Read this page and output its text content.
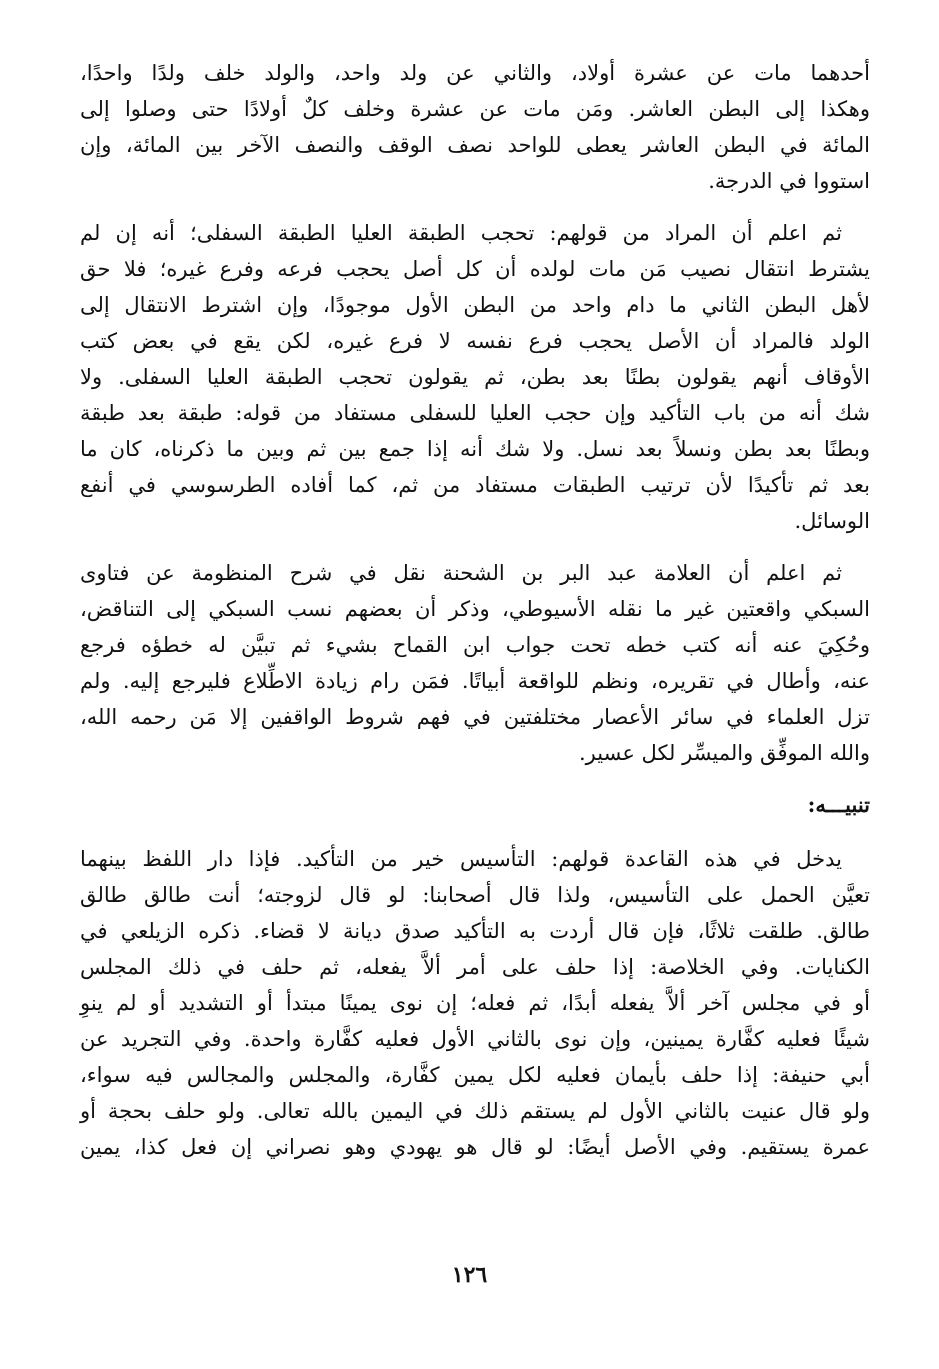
أحدهما مات عن عشرة أولاد، والثاني عن ولد واحد، والولد خلف ولدًا واحدًا،
وهكذا إلى البطن العاشر. ومَن مات عن عشرة وخلف كلٌ أولادًا حتى وصلوا إلى
المائة في البطن العاشر يعطى للواحد نصف الوقف والنصف الآخر بين المائة، وإن
استووا في الدرجة.
ثم اعلم أن المراد من قولهم: تحجب الطبقة العليا الطبقة السفلى؛ أنه إن لم
يشترط انتقال نصيب مَن مات لولده أن كل أصل يحجب فرعه وفرع غيره؛ فلا حق
لأهل البطن الثاني ما دام واحد من البطن الأول موجودًا، وإن اشترط الانتقال إلى
الولد فالمراد أن الأصل يحجب فرع نفسه لا فرع غيره، لكن يقع في بعض كتب
الأوقاف أنهم يقولون بطنًا بعد بطن، ثم يقولون تحجب الطبقة العليا السفلى. ولا
شك أنه من باب التأكيد وإن حجب العليا للسفلى مستفاد من قوله: طبقة بعد طبقة
وبطنًا بعد بطن ونسلاً بعد نسل. ولا شك أنه إذا جمع بين ثم وبين ما ذكرناه، كان ما
بعد ثم تأكيدًا لأن ترتيب الطبقات مستفاد من ثم، كما أفاده الطرسوسي في أنفع
الوسائل.
ثم اعلم أن العلامة عبد البر بن الشحنة نقل في شرح المنظومة عن فتاوى
السبكي واقعتين غير ما نقله الأسيوطي، وذكر أن بعضهم نسب السبكي إلى التناقض،
وحُكِيَ عنه أنه كتب خطه تحت جواب ابن القماح بشيء ثم تبيَّن له خطؤه فرجع
عنه، وأطال في تقريره، ونظم للواقعة أبياتًا. فمَن رام زيادة الاطِّلاع فليرجع إليه. ولم
تزل العلماء في سائر الأعصار مختلفتين في فهم شروط الواقفين إلا مَن رحمه الله،
والله الموفِّق والميسِّر لكل عسير.
تنبيـــه:
يدخل في هذه القاعدة قولهم: التأسيس خير من التأكيد. فإذا دار اللفظ بينهما
تعيَّن الحمل على التأسيس، ولذا قال أصحابنا: لو قال لزوجته؛ أنت طالق طالق
طالق. طلقت ثلاثًا، فإن قال أردت به التأكيد صدق ديانة لا قضاء. ذكره الزيلعي في
الكنايات. وفي الخلاصة: إذا حلف على أمر ألاَّ يفعله، ثم حلف في ذلك المجلس
أو في مجلس آخر ألاَّ يفعله أبدًا، ثم فعله؛ إن نوى يمينًا مبتدأ أو التشديد أو لم ينوِ
شيئًا فعليه كفَّارة يمينين، وإن نوى بالثاني الأول فعليه كفَّارة واحدة. وفي التجريد عن
أبي حنيفة: إذا حلف بأيمان فعليه لكل يمين كفَّارة، والمجلس والمجالس فيه سواء،
ولو قال عنيت بالثاني الأول لم يستقم ذلك في اليمين بالله تعالى. ولو حلف بحجة أو
عمرة يستقيم. وفي الأصل أيضًا: لو قال هو يهودي وهو نصراني إن فعل كذا، يمين
١٢٦
